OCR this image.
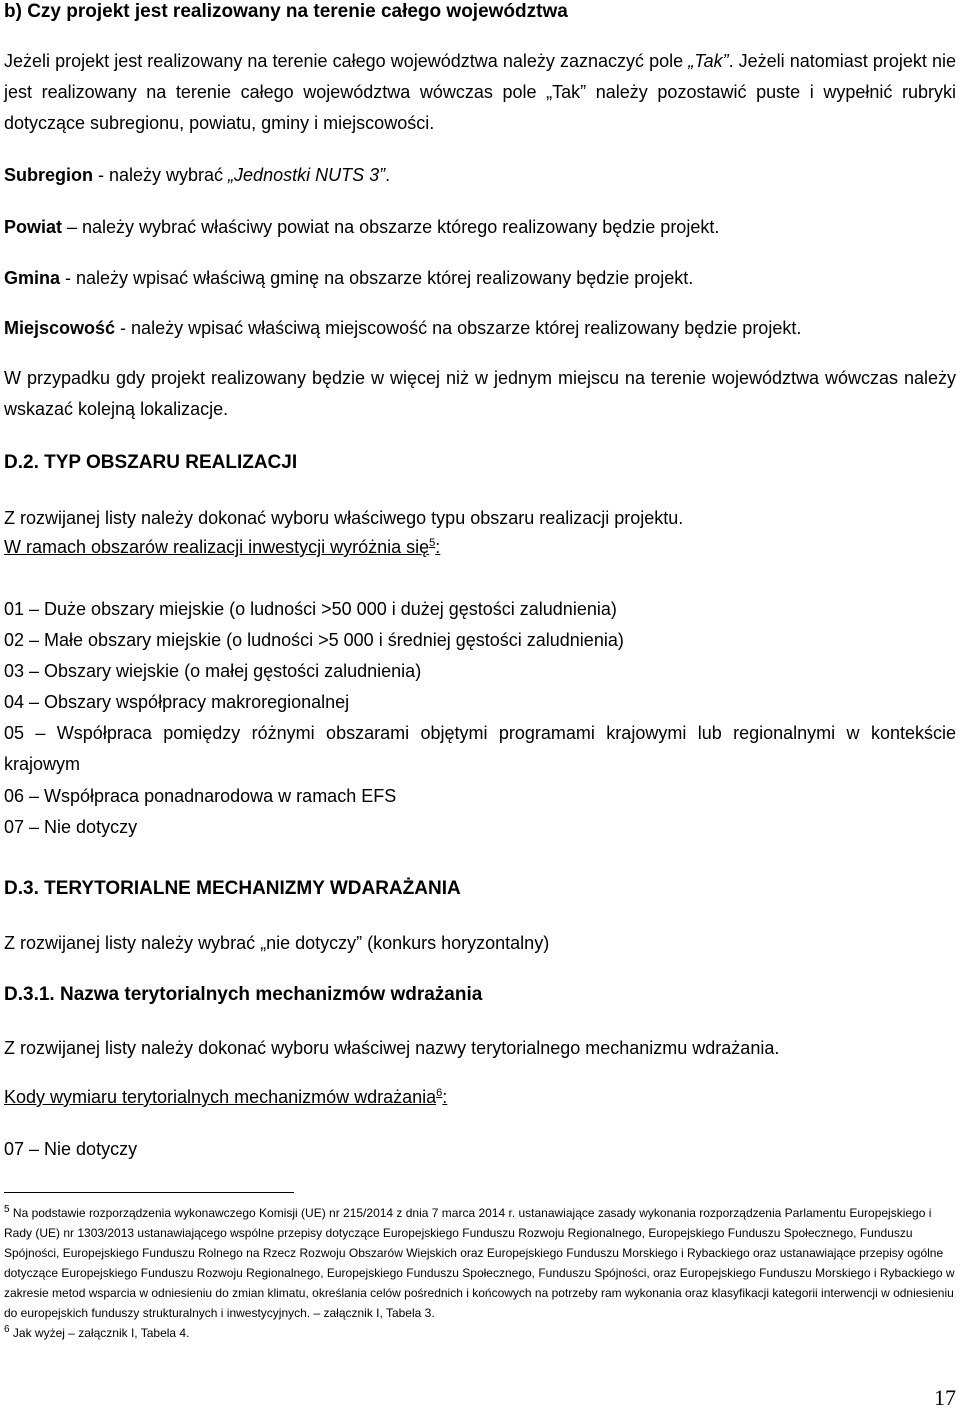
b) Czy projekt jest realizowany na terenie całego województwa
Jeżeli projekt jest realizowany na terenie całego województwa należy zaznaczyć pole „Tak”. Jeżeli natomiast projekt nie jest realizowany na terenie całego województwa wówczas pole „Tak” należy pozostawić puste i wypełnić rubryki dotyczące subregionu, powiatu, gminy i miejscowości.
Subregion - należy wybrać „Jednostki NUTS 3”.
Powiat – należy wybrać właściwy powiat na obszarze którego realizowany będzie projekt.
Gmina - należy wpisać właściwą gminę na obszarze której realizowany będzie projekt.
Miejscowość - należy wpisać właściwą miejscowość na obszarze której realizowany będzie projekt.
W przypadku gdy projekt realizowany będzie w więcej niż w jednym miejscu na terenie województwa wówczas należy wskazać kolejną lokalizacje.
D.2. TYP OBSZARU REALIZACJI
Z rozwijanej listy należy dokonać wyboru właściwego typu obszaru realizacji projektu.
W ramach obszarów realizacji inwestycji wyróżnia się$^5$:
01 – Duże obszary miejskie (o ludności >50 000 i dużej gęstości zaludnienia)
02 – Małe obszary miejskie (o ludności >5 000 i średniej gęstości zaludnienia)
03 – Obszary wiejskie (o małej gęstości zaludnienia)
04 – Obszary współpracy makroregionalnej
05 – Współpraca pomiędzy różnymi obszarami objętymi programami krajowymi lub regionalnymi w kontekście krajowym
06 – Współpraca ponadnarodowa w ramach EFS
07 – Nie dotyczy
D.3. TERYTORIALNE MECHANIZMY WDARAŻANIA
Z rozwijanej listy należy wybrać „nie dotyczy” (konkurs horyzontalny)
D.3.1. Nazwa terytorialnych mechanizmów wdrażania
Z rozwijanej listy należy dokonać wyboru właściwej nazwy terytorialnego mechanizmu wdrażania.
Kody wymiaru terytorialnych mechanizmów wdrażania$^6$:
07 – Nie dotyczy
$^5$ Na podstawie rozporządzenia wykonawczego Komisji (UE) nr 215/2014 z dnia 7 marca 2014 r. ustanawiające zasady wykonania rozporządzenia Parlamentu Europejskiego i Rady (UE) nr 1303/2013 ustanawiającego wspólne przepisy dotyczące Europejskiego Funduszu Rozwoju Regionalnego, Europejskiego Funduszu Społecznego, Funduszu Spójności, Europejskiego Funduszu Rolnego na Rzecz Rozwoju Obszarów Wiejskich oraz Europejskiego Funduszu Morskiego i Rybackiego oraz ustanawiające przepisy ogólne dotyczące Europejskiego Funduszu Rozwoju Regionalnego, Europejskiego Funduszu Społecznego, Funduszu Spójności, oraz Europejskiego Funduszu Morskiego i Rybackiego w zakresie metod wsparcia w odniesieniu do zmian klimatu, określania celów pośrednich i końcowych na potrzeby ram wykonania oraz klasyfikacji kategorii interwencji w odniesieniu do europejskich funduszy strukturalnych i inwestycyjnych. – załącznik I, Tabela 3.
$^6$ Jak wyżej – załącznik I, Tabela 4.
17
